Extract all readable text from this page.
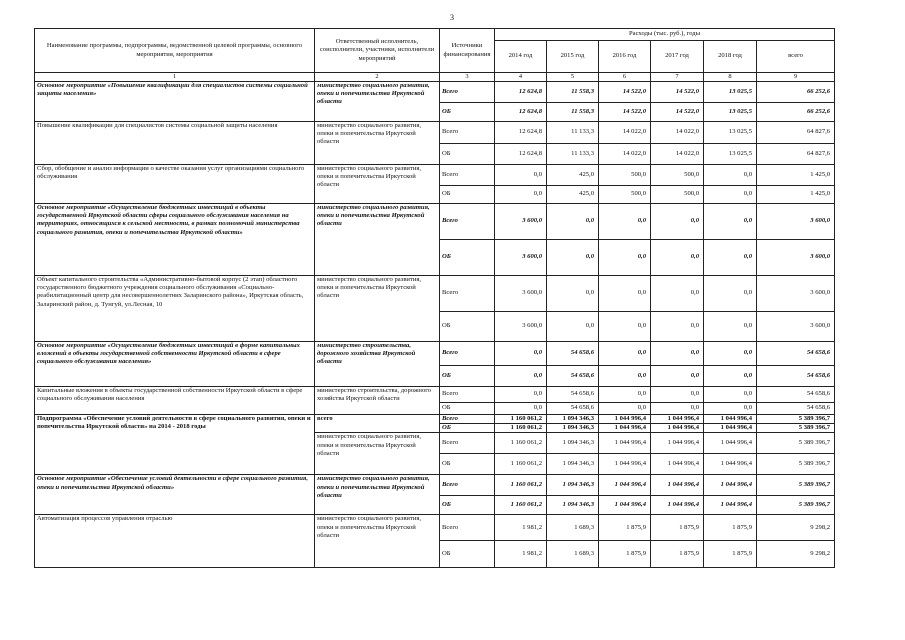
3
Наименование программы, подпрограммы, ведомственной целевой программы, основного мероприятия, мероприятия	Ответственный исполнитель, соисполнители, участники, исполнители мероприятий	Источники финансирования	Расходы (тыс. руб.), годы					
			2014 год	2015 год	2016 год	2017 год	2018 год	всего
1	2	3	4	5	6	7	8	9
Основное мероприятие «Повышение квалификации для специалистов системы социальной защиты населения»	министерство социального развития, опеки и попечительства Иркутской области	Всего	12 624,8	11 558,3	14 522,0	14 522,0	13 025,5	66 252,6
		ОБ	12 624,8	11 558,3	14 522,0	14 522,0	13 025,5	66 252,6
Повышение квалификации для специалистов системы социальной защиты населения	министерство социального развития, опеки и попечительства Иркутской области	Всего	12 624,8	11 133,3	14 022,0	14 022,0	13 025,5	64 827,6
		ОБ	12 624,8	11 133,3	14 022,0	14 022,0	13 025,5	64 827,6
Сбор, обобщение и анализ информации о качестве оказания услуг организациями социального обслуживания	министерство социального развития, опеки и попечительства Иркутской области	Всего	0,0	425,0	500,0	500,0	0,0	1 425,0
		ОБ	0,0	425,0	500,0	500,0	0,0	1 425,0
Основное мероприятие «Осуществление бюджетных инвестиций в объекты государственной Иркутской области сферы социального обслуживания населения на территориях, относящихся к сельской местности, в рамках полномочий министерства социального развития, опеки и попечительства Иркутской области»	министерство социального развития, опеки и попечительства Иркутской области	Всего	3 600,0	0,0	0,0	0,0	0,0	3 600,0
		ОБ	3 600,0	0,0	0,0	0,0	0,0	3 600,0
Объект капитального строительства «Административно-бытовой корпус (2 этап) областного государственного бюджетного учреждения социального обслуживания «Социально-реабилитационный центр для несовершеннолетних Заларинского района», Иркутская область, Заларинский район, д. Тунгуй, ул.Лесная, 10	министерство социального развития, опеки и попечительства Иркутской области	Всего	3 600,0	0,0	0,0	0,0	0,0	3 600,0
		ОБ	3 600,0	0,0	0,0	0,0	0,0	3 600,0
Основное мероприятие «Осуществление бюджетных инвестиций в форме капитальных вложений в объекты государственной собственности Иркутской области в сфере социального обслуживания населения»	министерство строительства, дорожного хозяйства Иркутской области	Всего	0,0	54 658,6	0,0	0,0	0,0	54 658,6
		ОБ	0,0	54 658,6	0,0	0,0	0,0	54 658,6
Капитальные вложения в объекты государственной собственности Иркутской области в сфере социального обслуживания населения	министерство строительства, дорожного хозяйства Иркутской области	Всего	0,0	54 658,6	0,0	0,0	0,0	54 658,6
		ОБ	0,0	54 658,6	0,0	0,0	0,0	54 658,6
Подпрограмма «Обеспечение условий деятельности в сфере социального развития, опеки и попечительства Иркутской области» на 2014 - 2018 годы	всего	Всего	1 160 061,2	1 094 346,3	1 044 996,4	1 044 996,4	1 044 996,4	5 389 396,7
		ОБ	1 160 061,2	1 094 346,3	1 044 996,4	1 044 996,4	1 044 996,4	5 389 396,7
	министерство социального развития, опеки и попечительства Иркутской области	Всего	1 160 061,2	1 094 346,3	1 044 996,4	1 044 996,4	1 044 996,4	5 389 396,7
		ОБ	1 160 061,2	1 094 346,3	1 044 996,4	1 044 996,4	1 044 996,4	5 389 396,7
Основное мероприятие «Обеспечение условий деятельности в сфере социального развития, опеки и попечительства Иркутской области»	министерство социального развития, опеки и попечительства Иркутской области	Всего	1 160 061,2	1 094 346,3	1 044 996,4	1 044 996,4	1 044 996,4	5 389 396,7
		ОБ	1 160 061,2	1 094 346,3	1 044 996,4	1 044 996,4	1 044 996,4	5 389 396,7
Автоматизация процессов управления отраслью	министерство социального развития, опеки и попечительства Иркутской области	Всего	1 981,2	1 689,3	1 875,9	1 875,9	1 875,9	9 298,2
		ОБ	1 981,2	1 689,3	1 875,9	1 875,9	1 875,9	9 298,2
